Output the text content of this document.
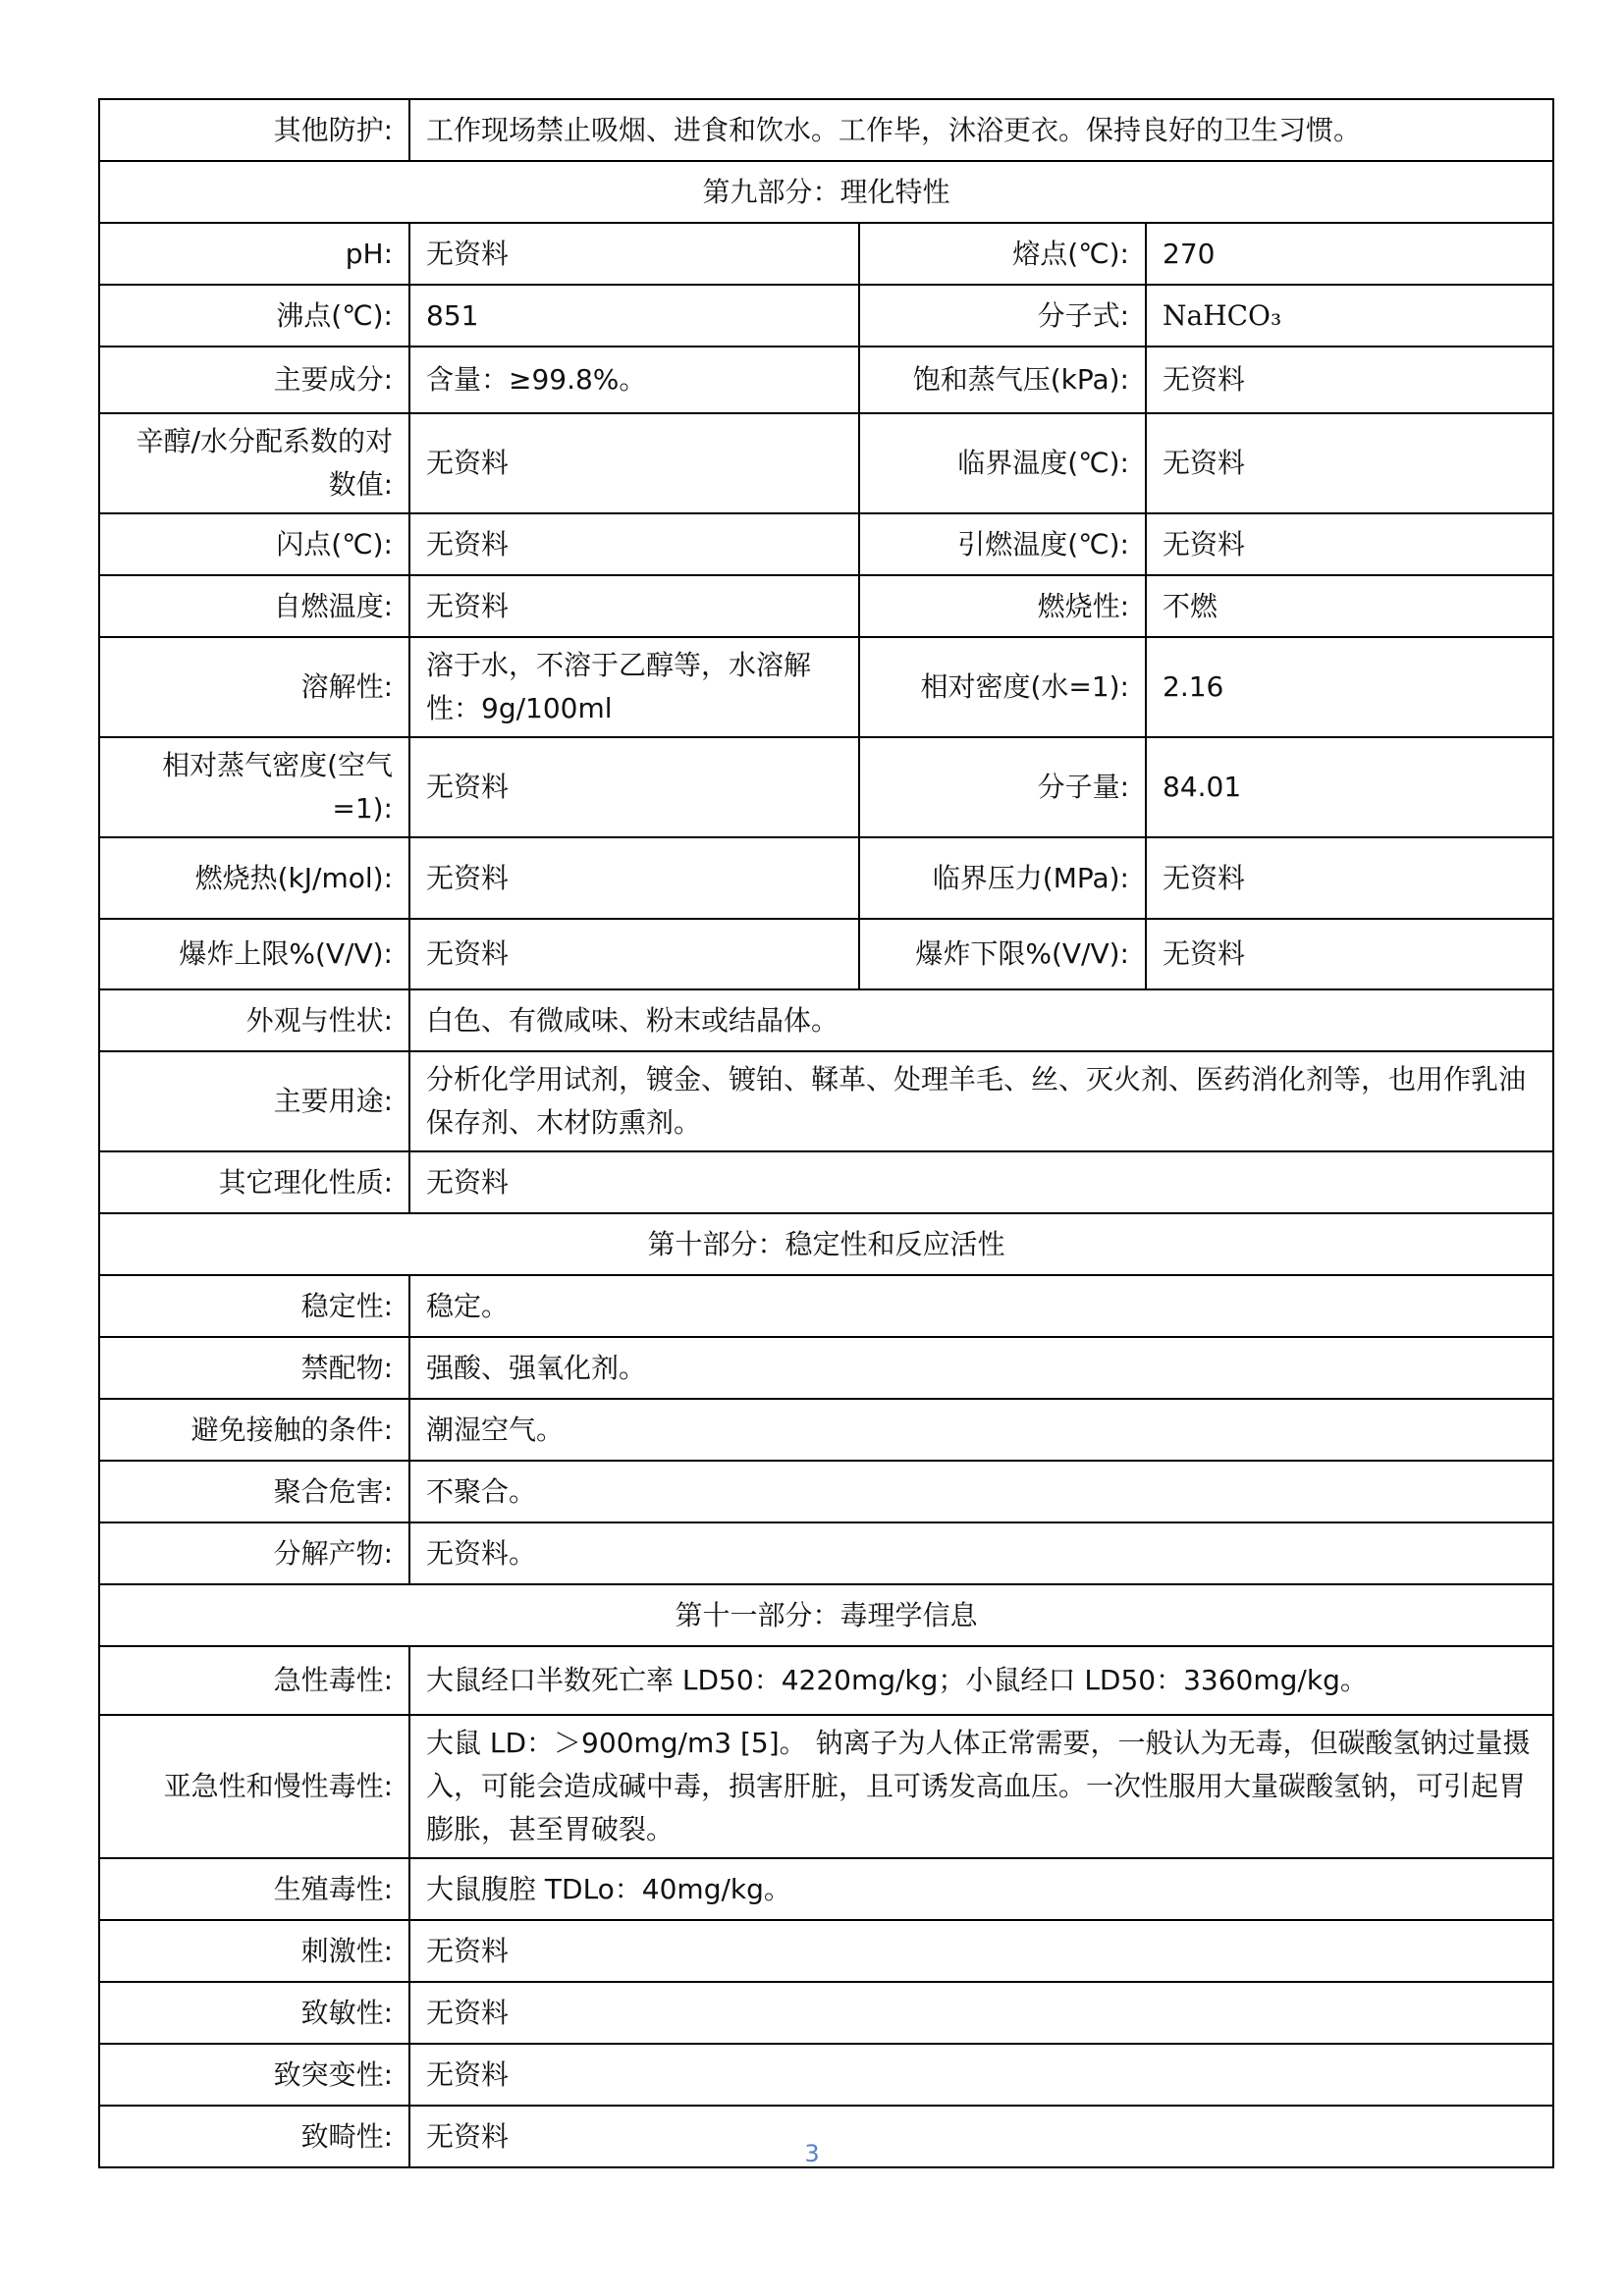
其他防护:	工作现场禁止吸烟、进食和饮水。工作毕，沐浴更衣。保持良好的卫生习惯。		
第九部分：理化特性			
pH:	无资料	熔点(℃):	270
沸点(℃):	851	分子式:	NaHCO₃
主要成分:	含量：≥99.8%。	饱和蒸气压(kPa):	无资料
辛醇/水分配系数的对数值:	无资料	临界温度(℃):	无资料
闪点(℃):	无资料	引燃温度(℃):	无资料
自燃温度:	无资料	燃烧性:	不燃
溶解性:	溶于水，不溶于乙醇等，水溶解性：9g/100ml	相对密度(水=1):	2.16
相对蒸气密度(空气=1):	无资料	分子量:	84.01
燃烧热(kJ/mol):	无资料	临界压力(MPa):	无资料
爆炸上限%(V/V):	无资料	爆炸下限%(V/V):	无资料
外观与性状:	白色、有微咸味、粉末或结晶体。		
主要用途:	分析化学用试剂，镀金、镀铂、鞣革、处理羊毛、丝、灭火剂、医药消化剂等，也用作乳油保存剂、木材防熏剂。		
其它理化性质:	无资料		
第十部分：稳定性和反应活性			
稳定性:	稳定。		
禁配物:	强酸、强氧化剂。		
避免接触的条件:	潮湿空气。		
聚合危害:	不聚合。		
分解产物:	无资料。		
第十一部分：毒理学信息			
急性毒性:	大鼠经口半数死亡率 LD50：4220mg/kg；小鼠经口 LD50：3360mg/kg。		
亚急性和慢性毒性:	大鼠 LD：＞900mg/m3 [5]。 钠离子为人体正常需要，一般认为无毒，但碳酸氢钠过量摄入，可能会造成碱中毒，损害肝脏，且可诱发高血压。一次性服用大量碳酸氢钠，可引起胃膨胀，甚至胃破裂。		
生殖毒性:	大鼠腹腔 TDLo：40mg/kg。		
刺激性:	无资料		
致敏性:	无资料		
致突变性:	无资料		
致畸性:	无资料		
3
